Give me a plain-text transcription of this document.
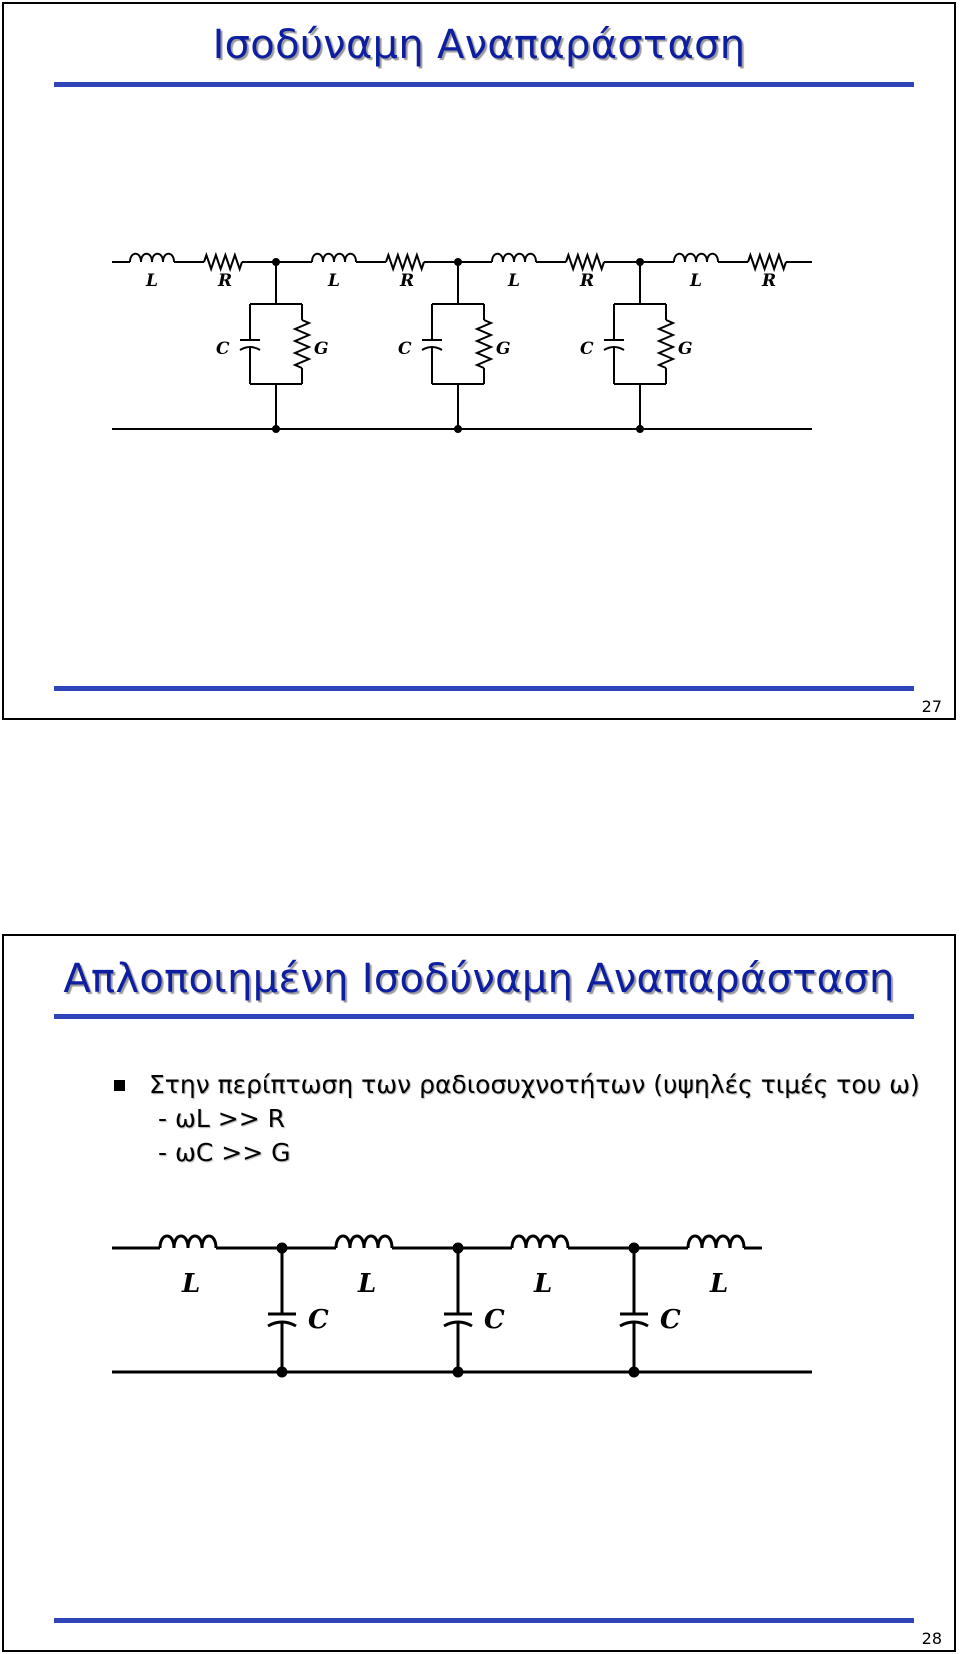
Ισοδύναμη Αναπαράσταση
L	R	L	R	L	R	L	R
C	G	C	G	C	G
27
Απλοποιημένη Ισοδύναμη Αναπαράσταση
Στην περίπτωση των ραδιοσυχνοτήτων (υψηλές τιμές του ω)
- ωL >> R
- ωC >> G
L	L	L	L
C	C	C
28
